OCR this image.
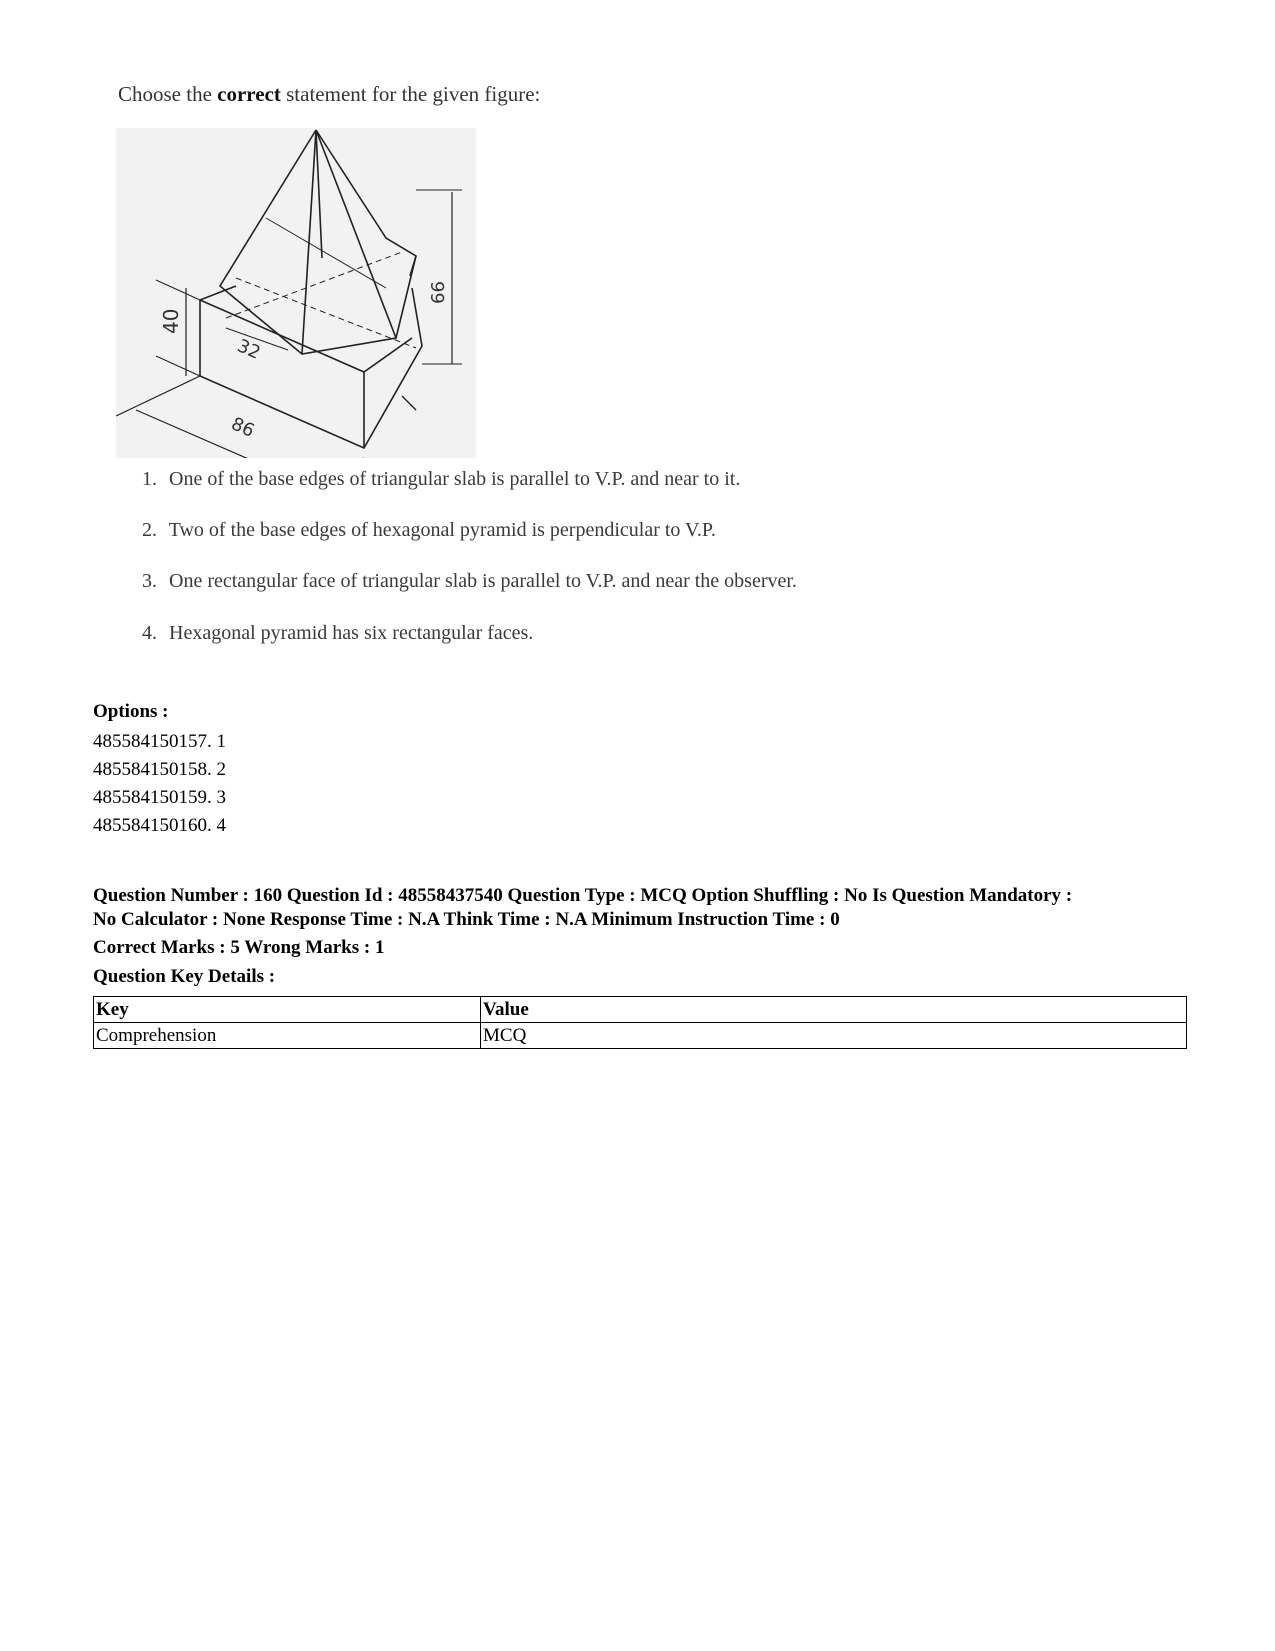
Choose the correct statement for the given figure:
40
32
86
66
1. One of the base edges of triangular slab is parallel to V.P. and near to it.
2. Two of the base edges of hexagonal pyramid is perpendicular to V.P.
3. One rectangular face of triangular slab is parallel to V.P. and near the observer.
4. Hexagonal pyramid has six rectangular faces.
Options :
485584150157. 1
485584150158. 2
485584150159. 3
485584150160. 4

Question Number : 160 Question Id : 48558437540 Question Type : MCQ Option Shuffling : No Is Question Mandatory :

No Calculator : None Response Time : N.A Think Time : N.A Minimum Instruction Time : 0

Correct Marks : 5 Wrong Marks : 1
Question Key Details :
Key	Value
Comprehension	MCQ
